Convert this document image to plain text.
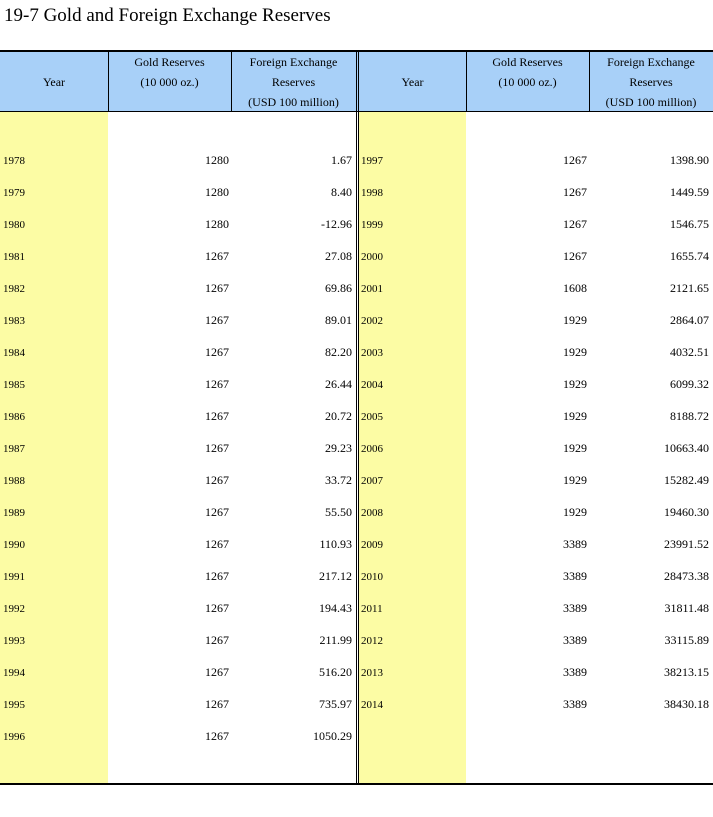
19-7 Gold and Foreign Exchange Reserves
Year
Gold Reserves
(10 000 oz.)
Foreign Exchange
Reserves
(USD 100 million)
Year
Gold Reserves
(10 000 oz.)
Foreign Exchange
Reserves
(USD 100 million)
1978	1280	1.67
1979	1280	8.40
1980	1280	-12.96
1981	1267	27.08
1982	1267	69.86
1983	1267	89.01
1984	1267	82.20
1985	1267	26.44
1986	1267	20.72
1987	1267	29.23
1988	1267	33.72
1989	1267	55.50
1990	1267	110.93
1991	1267	217.12
1992	1267	194.43
1993	1267	211.99
1994	1267	516.20
1995	1267	735.97
1996	1267	1050.29
1997	1267	1398.90
1998	1267	1449.59
1999	1267	1546.75
2000	1267	1655.74
2001	1608	2121.65
2002	1929	2864.07
2003	1929	4032.51
2004	1929	6099.32
2005	1929	8188.72
2006	1929	10663.40
2007	1929	15282.49
2008	1929	19460.30
2009	3389	23991.52
2010	3389	28473.38
2011	3389	31811.48
2012	3389	33115.89
2013	3389	38213.15
2014	3389	38430.18
